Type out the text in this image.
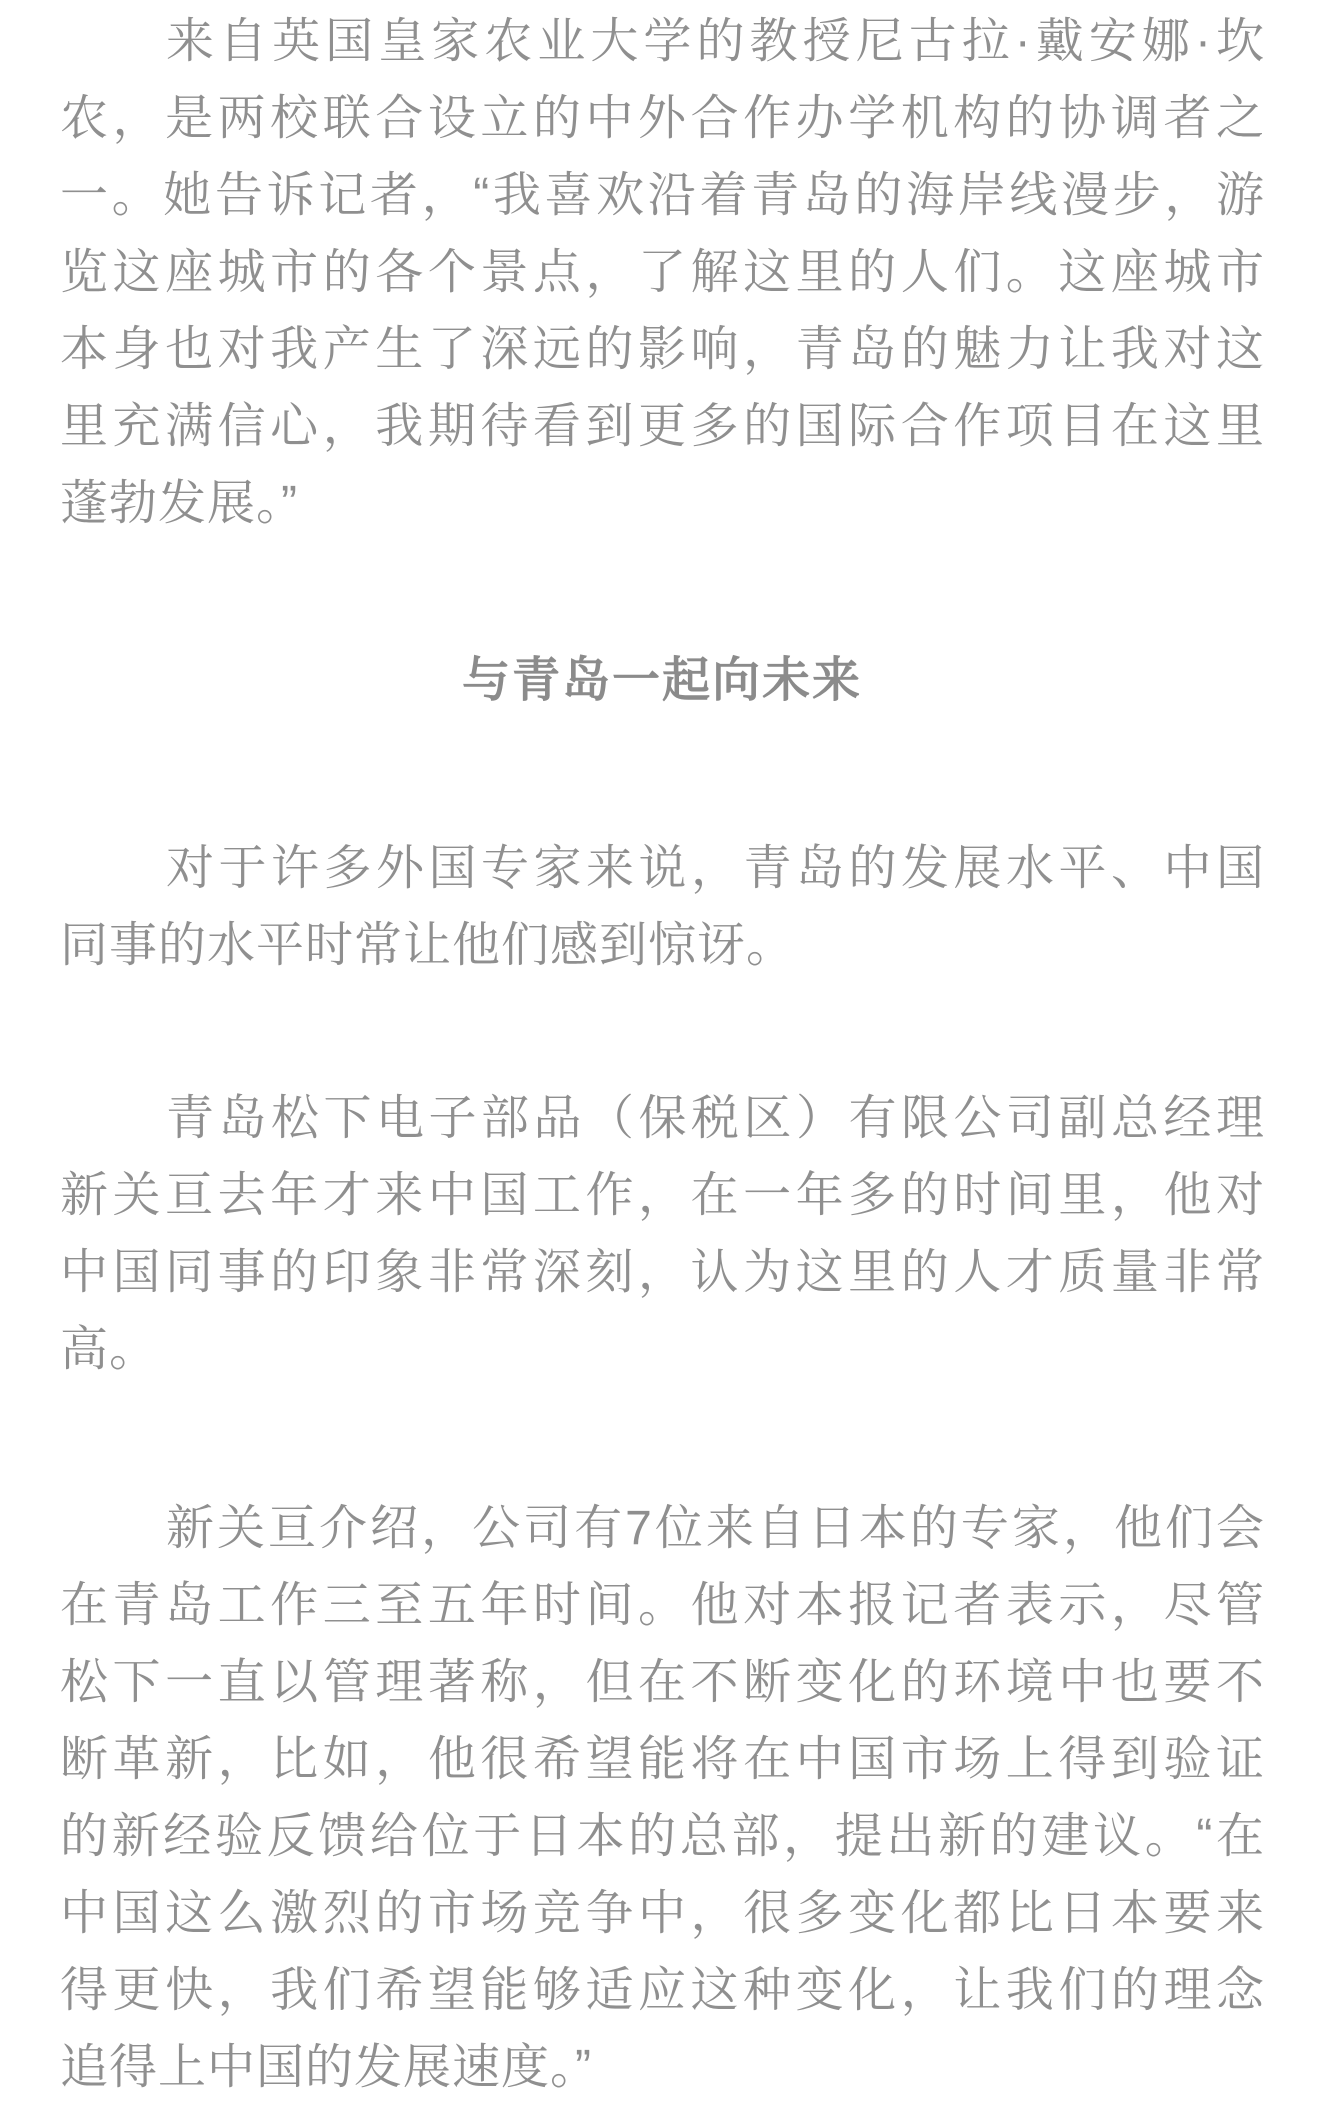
来自英国皇家农业大学的教授尼古拉·戴安娜·坎
农，是两校联合设立的中外合作办学机构的协调者之
一。她告诉记者，“我喜欢沿着青岛的海岸线漫步，游
览这座城市的各个景点，了解这里的人们。这座城市
本身也对我产生了深远的影响，青岛的魅力让我对这
里充满信心，我期待看到更多的国际合作项目在这里
蓬勃发展。”
与青岛一起向未来
对于许多外国专家来说，青岛的发展水平、中国
同事的水平时常让他们感到惊讶。
青岛松下电子部品（保税区）有限公司副总经理
新关亘去年才来中国工作，在一年多的时间里，他对
中国同事的印象非常深刻，认为这里的人才质量非常
高。
新关亘介绍，公司有7位来自日本的专家，他们会
在青岛工作三至五年时间。他对本报记者表示，尽管
松下一直以管理著称，但在不断变化的环境中也要不
断革新，比如，他很希望能将在中国市场上得到验证
的新经验反馈给位于日本的总部，提出新的建议。“在
中国这么激烈的市场竞争中，很多变化都比日本要来
得更快，我们希望能够适应这种变化，让我们的理念
追得上中国的发展速度。”
